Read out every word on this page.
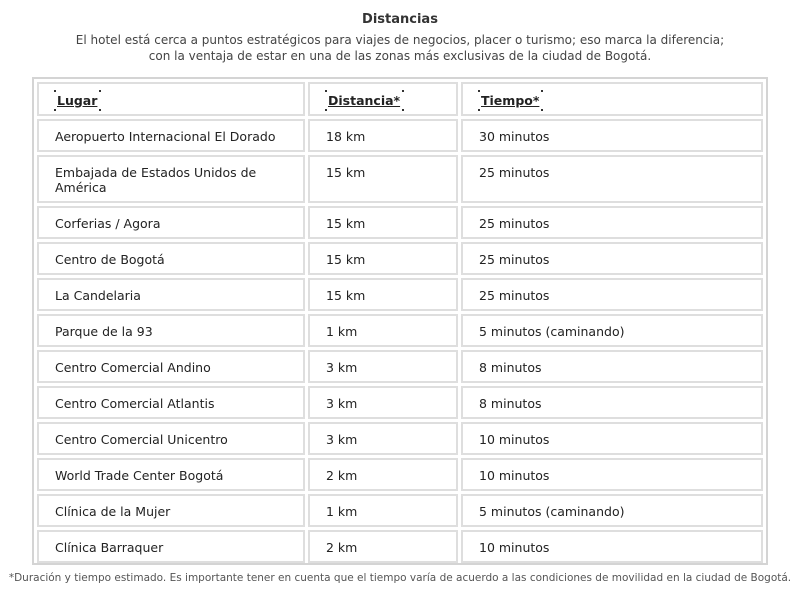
Distancias

El hotel está cerca a puntos estratégicos para viajes de negocios, placer o turismo; eso marca la diferencia;

con la ventaja de estar en una de las zonas más exclusivas de la ciudad de Bogotá.

Lugar	Distancia*	Tiempo*

Aeropuerto Internacional El Dorado	18 km	30 minutos
Embajada de Estados Unidos de América	15 km	25 minutos
Corferias / Agora	15 km	25 minutos
Centro de Bogotá	15 km	25 minutos
La Candelaria	15 km	25 minutos
Parque de la 93	1 km	5 minutos (caminando)
Centro Comercial Andino	3 km	8 minutos
Centro Comercial Atlantis	3 km	8 minutos
Centro Comercial Unicentro	3 km	10 minutos
World Trade Center Bogotá	2 km	10 minutos
Clínica de la Mujer	1 km	5 minutos (caminando)
Clínica Barraquer	2 km	10 minutos
*Duración y tiempo estimado. Es importante tener en cuenta que el tiempo varía de acuerdo a las condiciones de movilidad en la ciudad de Bogotá.
